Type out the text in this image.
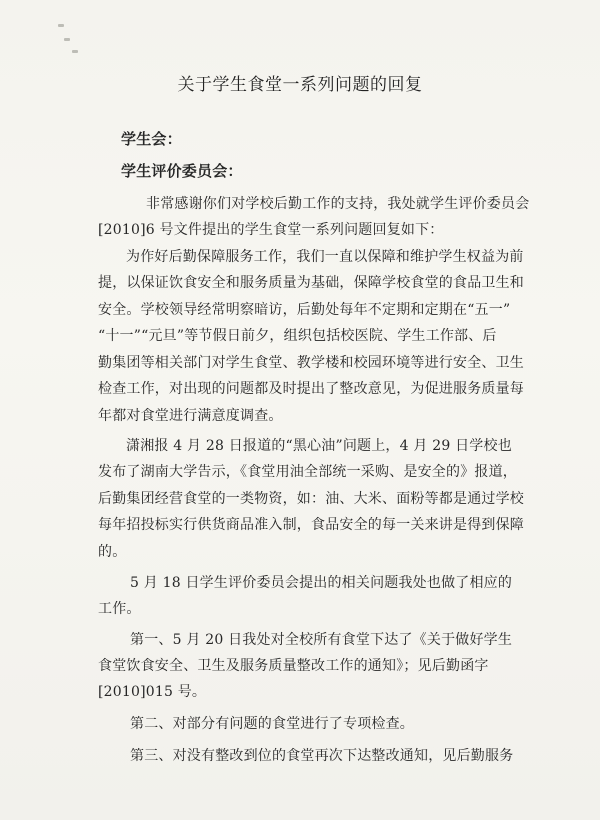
关于学生食堂一系列问题的回复
学生会：
学生评价委员会：
非常感谢你们对学校后勤工作的支持，我处就学生评价委员会
[2010]6 号文件提出的学生食堂一系列问题回复如下：
为作好后勤保障服务工作，我们一直以保障和维护学生权益为前
提，以保证饮食安全和服务质量为基础，保障学校食堂的食品卫生和
安全。学校领导经常明察暗访，后勤处每年不定期和定期在“五一”
“十一”“元旦”等节假日前夕，组织包括校医院、学生工作部、后
勤集团等相关部门对学生食堂、教学楼和校园环境等进行安全、卫生
检查工作，对出现的问题都及时提出了整改意见，为促进服务质量每
年都对食堂进行满意度调查。
潇湘报 4 月 28 日报道的“黑心油”问题上，4 月 29 日学校也
发布了湖南大学告示，《食堂用油全部统一采购、是安全的》报道，
后勤集团经营食堂的一类物资，如：油、大米、面粉等都是通过学校
每年招投标实行供货商品准入制，食品安全的每一关来讲是得到保障
的。
5 月 18 日学生评价委员会提出的相关问题我处也做了相应的
工作。
第一、5 月 20 日我处对全校所有食堂下达了《关于做好学生
食堂饮食安全、卫生及服务质量整改工作的通知》；见后勤函字
[2010]015 号。
第二、对部分有问题的食堂进行了专项检查。
第三、对没有整改到位的食堂再次下达整改通知，见后勤服务
